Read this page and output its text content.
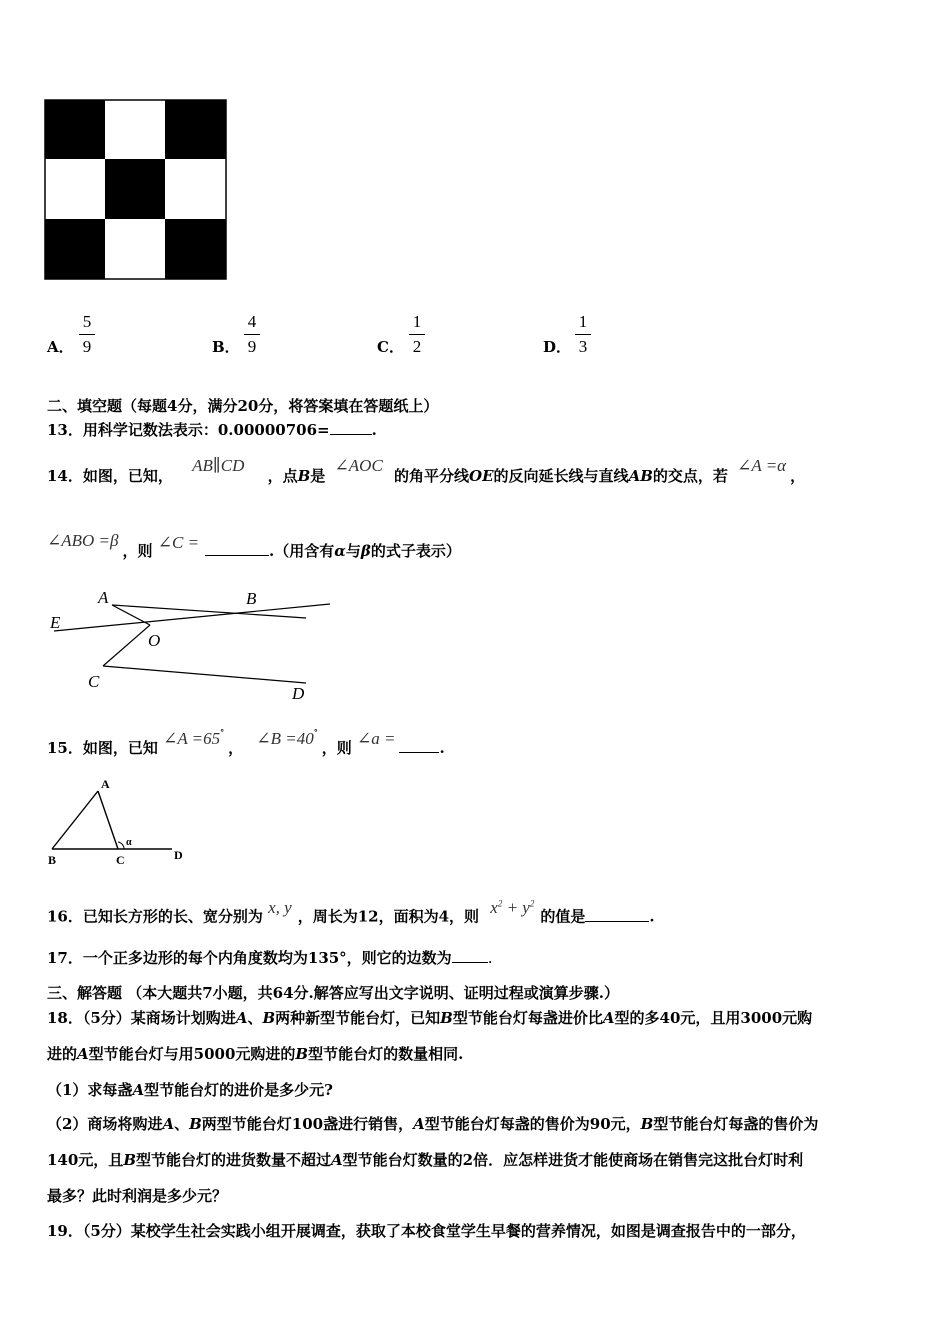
A．
5
9	B．
4
9	C．
1
2	D．
1
3
二、填空题（每题4分，满分20分，将答案填在答题纸上）
13．用科学记数法表示：0.00000706=	.
14．如图，已知， AB∥CD ，点B是 ∠AOC 的角平分线OE的反向延长线与直线AB的交点，若 ∠A =α，
∠ABO =β，则 ∠C =	.（用含有α与β的式子表示）
A	B
E
O
C
D
15．如图，已知 ∠A =65°， ∠B =40°，则 ∠a =	.
A
B	C	D
α
16．已知长方形的长、宽分别为 x, y ，周长为12，面积为4，则 $x^2 + y^2$的值是	.
17．一个正多边形的每个内角度数均为135°，则它的边数为 .
三、解答题 （本大题共7小题，共64分.解答应写出文字说明、证明过程或演算步骤.）
18．（5分）某商场计划购进A、B两种新型节能台灯，已知B型节能台灯每盏进价比A型的多40元，且用3000元购
进的A型节能台灯与用5000元购进的B型节能台灯的数量相同.
（1）求每盏A型节能台灯的进价是多少元?
（2）商场将购进A、B两型节能台灯100盏进行销售，A型节能台灯每盏的售价为90元，B型节能台灯每盏的售价为
140元，且B型节能台灯的进货数量不超过A型节能台灯数量的2倍．应怎样进货才能使商场在销售完这批台灯时利
最多？此时利润是多少元？
19．（5分）某校学生社会实践小组开展调查，获取了本校食堂学生早餐的营养情况，如图是调查报告中的一部分，
